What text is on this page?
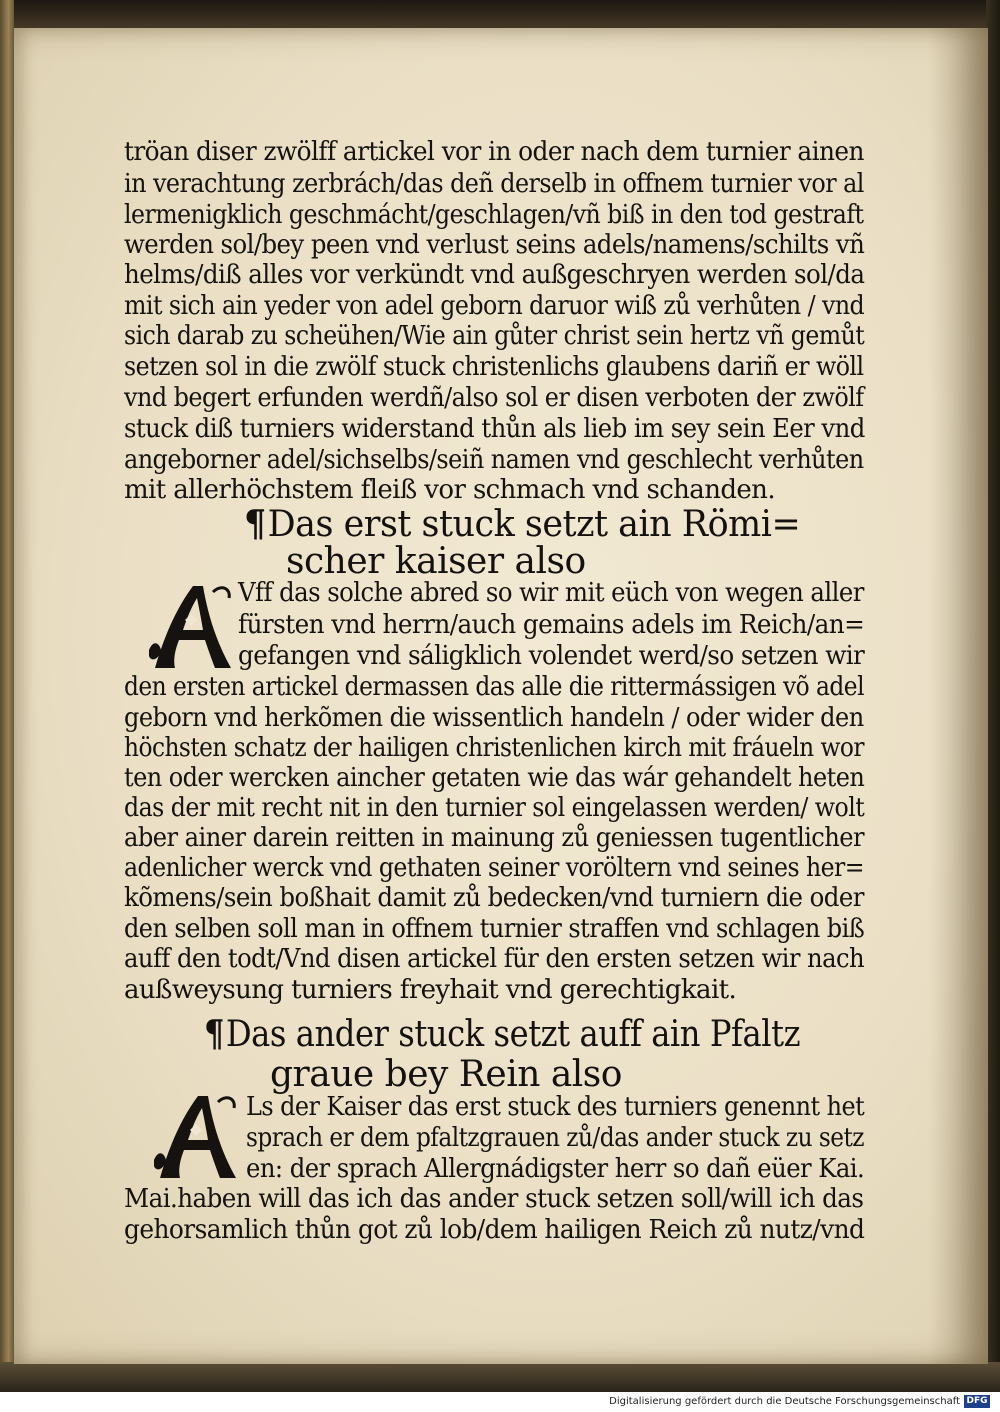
tröan diser zwölff artickel vor in oder nach dem turnier ainen
in verachtung zerbrách/das deñ derselb in offnem turnier vor al
lermenigklich geschmácht/geschlagen/vñ biß in den tod gestraft
werden sol/bey peen vnd verlust seins adels/namens/schilts vñ
helms/diß alles vor verkündt vnd außgeschryen werden sol/da
mit sich ain yeder von adel geborn daruor wiß zů verhůten / vnd
sich darab zu scheühen/Wie ain gůter christ sein hertz vñ gemůt
setzen sol in die zwölf stuck christenlichs glaubens dariñ er wöll
vnd begert erfunden werdñ/also sol er disen verboten der zwölf
stuck diß turniers widerstand thůn als lieb im sey sein Eer vnd
angeborner adel/sichselbs/seiñ namen vnd geschlecht verhůten
mit allerhöchstem fleiß vor schmach vnd schanden.
¶Das erst stuck setzt ain Römi=
scher kaiser also
Vff das solche abred so wir mit eüch von wegen aller
fürsten vnd herrn/auch gemains adels im Reich/an=
gefangen vnd sáligklich volendet werd/so setzen wir
den ersten artickel dermassen das alle die rittermássigen võ adel
geborn vnd herkõmen die wissentlich handeln / oder wider den
höchsten schatz der hailigen christenlichen kirch mit fráueln wor
ten oder wercken aincher getaten wie das wár gehandelt heten
das der mit recht nit in den turnier sol eingelassen werden/ wolt
aber ainer darein reitten in mainung zů geniessen tugentlicher
adenlicher werck vnd gethaten seiner voröltern vnd seines her=
kõmens/sein boßhait damit zů bedecken/vnd turniern die oder
den selben soll man in offnem turnier straffen vnd schlagen biß
auff den todt/Vnd disen artickel für den ersten setzen wir nach
außweysung turniers freyhait vnd gerechtigkait.
¶Das ander stuck setzt auff ain Pfaltz
graue bey Rein also
Ls der Kaiser das erst stuck des turniers genennt het
sprach er dem pfaltzgrauen zů/das ander stuck zu setz
en: der sprach Allergnádigster herr so dañ eüer Kai.
Mai.haben will das ich das ander stuck setzen soll/will ich das
gehorsamlich thůn got zů lob/dem hailigen Reich zů nutz/vnd
Digitalisierung gefördert durch die Deutsche Forschungsgemeinschaft DFG
